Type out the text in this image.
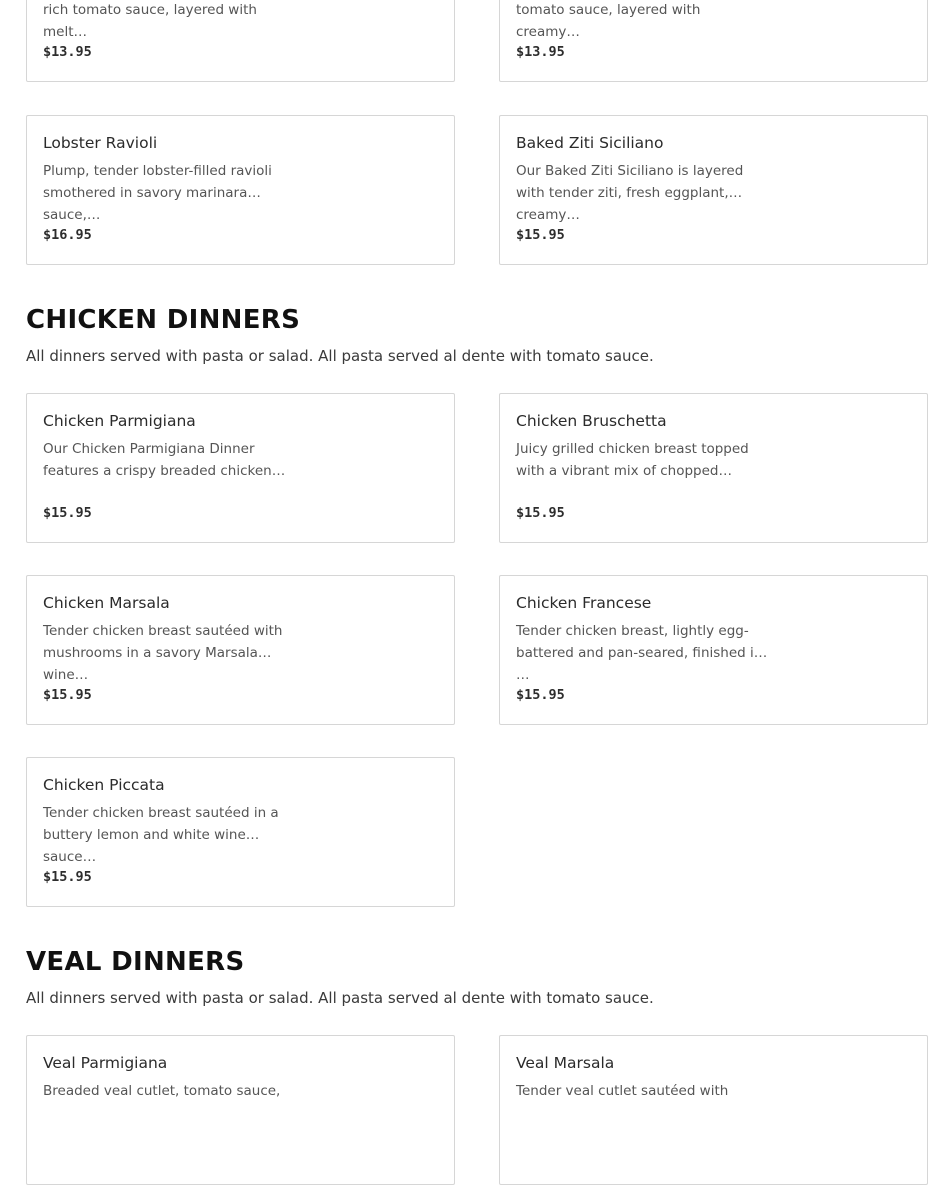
rich tomato sauce, layered with melt…
$13.95
tomato sauce, layered with creamy…
$13.95
Lobster Ravioli
Plump, tender lobster-filled ravioli smothered in savory marinara sauce,…
$16.95
Baked Ziti Siciliano
Our Baked Ziti Siciliano is layered with tender ziti, fresh eggplant, creamy…
$15.95
CHICKEN DINNERS

All dinners served with pasta or salad. All pasta served al dente with tomato sauce.

Chicken Parmigiana
Our Chicken Parmigiana Dinner features a crispy breaded chicken…
$15.95
Chicken Bruschetta
Juicy grilled chicken breast topped with a vibrant mix of chopped…
$15.95
Chicken Marsala
Tender chicken breast sautéed with mushrooms in a savory Marsala wine…
$15.95
Chicken Francese
Tender chicken breast, lightly egg-battered and pan-seared, finished in …
$15.95
Chicken Piccata
Tender chicken breast sautéed in a buttery lemon and white wine sauce…
$15.95
VEAL DINNERS

All dinners served with pasta or salad. All pasta served al dente with tomato sauce.

Veal Parmigiana
Breaded veal cutlet, tomato sauce,
Veal Marsala
Tender veal cutlet sautéed with
